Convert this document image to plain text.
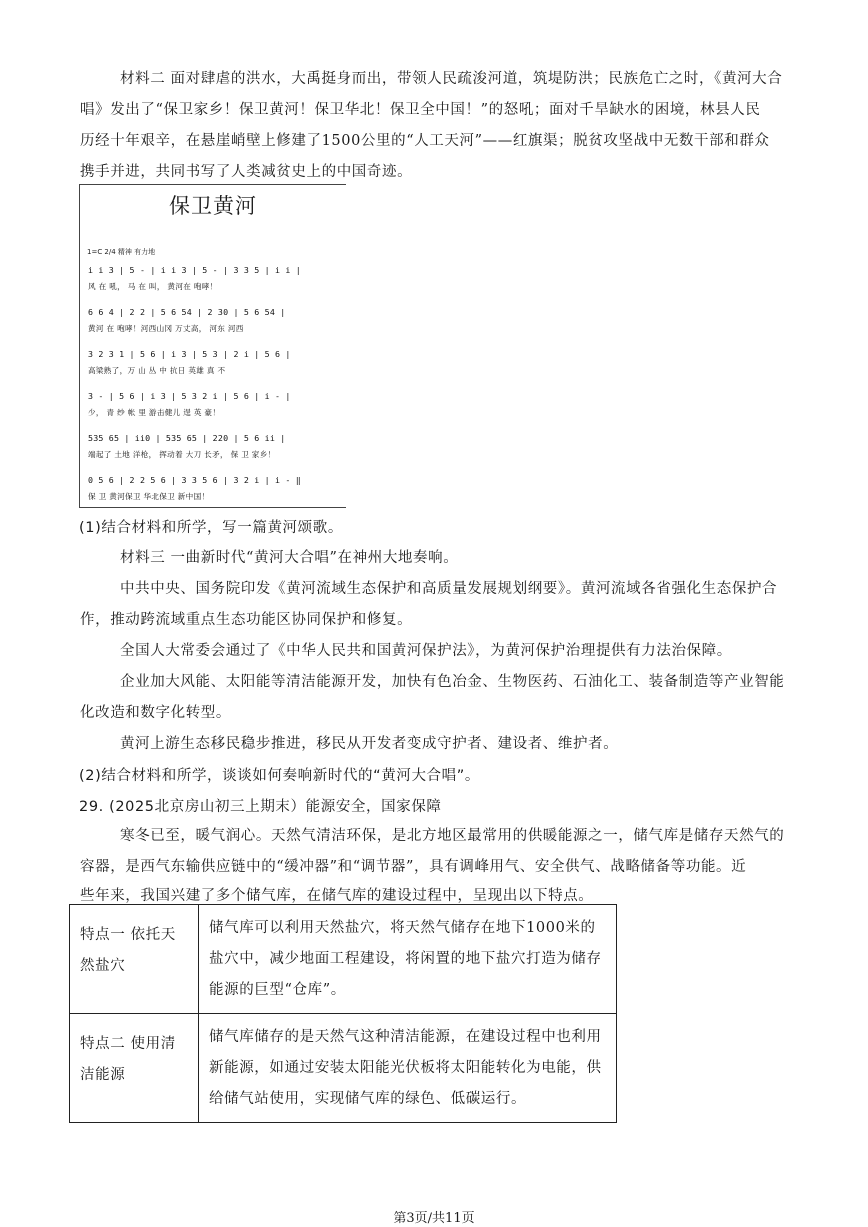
材料二 面对肆虐的洪水，大禹挺身而出，带领人民疏浚河道，筑堤防洪；民族危亡之时，《黄河大合
唱》发出了“保卫家乡！保卫黄河！保卫华北！保卫全中国！”的怒吼；面对千旱缺水的困境，林县人民
历经十年艰辛，在悬崖峭壁上修建了1500公里的“人工天河”——红旗渠；脱贫攻坚战中无数干部和群众
携手并进，共同书写了人类减贫史上的中国奇迹。
保卫黄河
1=C 2/4 精神 有力地
i i 3 | 5 - | i i 3 | 5 - | 3 3 5 | i i |
风 在 吼， 马 在 叫， 黄河在 咆哮！
6 6 4 | 2 2 | 5 6 54 | 2 30 | 5 6 54 |
黄河 在 咆哮！河西山冈 万丈高， 河东 河西
3 2 3 1 | 5 6 | i 3 | 5 3 | 2 i | 5 6 |
高梁熟了，万 山 丛 中 抗日 英雄 真 不
3 - | 5 6 | i 3 | 5 3 2 i | 5 6 | i - |
少， 青 纱 帐 里 游击健儿 逞 英 豪！
535 65 | ii0 | 535 65 | 220 | 5 6 ii |
端起了 土地 洋枪， 挥动着 大刀 长矛， 保 卫 家乡！
0 5 6 | 2 2 5 6 | 3 3 5 6 | 3 2 i | i - ‖
保 卫 黄河保卫 华北保卫 新中国！
(1)结合材料和所学，写一篇黄河颂歌。
材料三 一曲新时代“黄河大合唱”在神州大地奏响。
中共中央、国务院印发《黄河流域生态保护和高质量发展规划纲要》。黄河流域各省强化生态保护合
作，推动跨流域重点生态功能区协同保护和修复。
全国人大常委会通过了《中华人民共和国黄河保护法》，为黄河保护治理提供有力法治保障。
企业加大风能、太阳能等清洁能源开发，加快有色冶金、生物医药、石油化工、装备制造等产业智能
化改造和数字化转型。
黄河上游生态移民稳步推进，移民从开发者变成守护者、建设者、维护者。
(2)结合材料和所学，谈谈如何奏响新时代的“黄河大合唱”。
29. (2025北京房山初三上期末）能源安全，国家保障
寒冬已至，暖气润心。天然气清洁环保，是北方地区最常用的供暖能源之一，储气库是储存天然气的
容器，是西气东输供应链中的“缓冲器”和“调节器”，具有调峰用气、安全供气、战略储备等功能。近
些年来，我国兴建了多个储气库，在储气库的建设过程中，呈现出以下特点。
特点一 依托天然盐穴	储气库可以利用天然盐穴，将天然气储存在地下1000米的盐穴中，减少地面工程建设，将闲置的地下盐穴打造为储存能源的巨型“仓库”。
特点二 使用清洁能源	储气库储存的是天然气这种清洁能源，在建设过程中也利用新能源，如通过安装太阳能光伏板将太阳能转化为电能，供给储气站使用，实现储气库的绿色、低碳运行。
第3页/共11页
